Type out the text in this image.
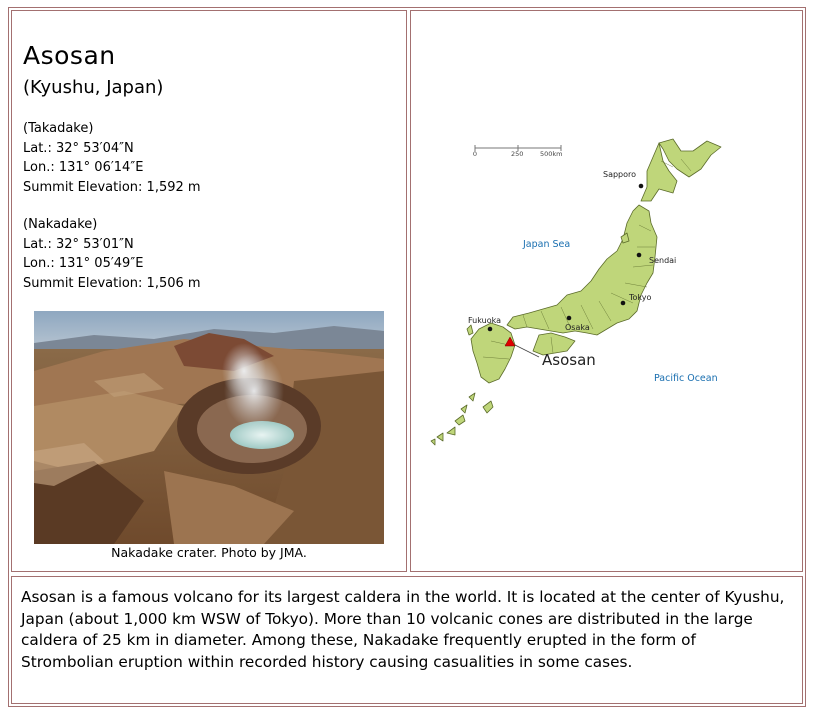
Asosan
(Kyushu, Japan)
(Takadake)
Lat.: 32° 53′04″N
Lon.: 131° 06′14″E
Summit Elevation: 1,592 m
(Nakadake)
Lat.: 32° 53′01″N
Lon.: 131° 05′49″E
Summit Elevation: 1,506 m
Nakadake crater. Photo by JMA.
0	250	500km
Sapporo
Sendai
Tokyo
Osaka
Fukuoka
Japan Sea
Pacific Ocean
Asosan
Asosan is a famous volcano for its largest caldera in the world. It is located at the center of Kyushu, Japan (about 1,000 km WSW of Tokyo). More than 10 volcanic cones are distributed in the large caldera of 25 km in diameter. Among these, Nakadake frequently erupted in the form of Strombolian eruption within recorded history causing casualities in some cases.
